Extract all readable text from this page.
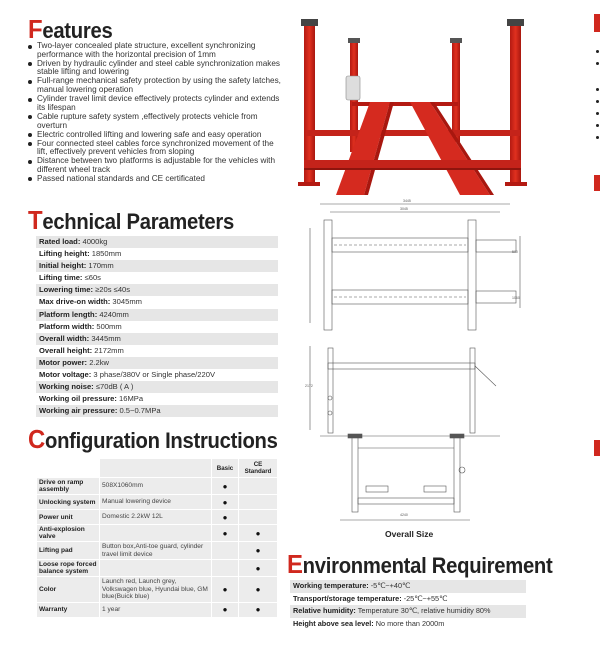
Features
Two-layer concealed plate structure, excellent synchronizing performance with the horizontal precision of 1mm
Driven by hydraulic cylinder and steel cable synchronization makes stable lifting and lowering
Full-range mechanical safety protection by using the safety latches, manual lowering operation
Cylinder travel limit device effectively protects cylinder and extends its lifespan
Cable rupture safety system ,effectively protects vehicle from overturn
Electric controlled lifting and lowering safe and easy operation
Four connected steel cables force synchronized movement of the lift, effectively prevent vehicles from sloping
Distance between two platforms is adjustable for the vehicles with different wheel track
Passed national standards and CE certificated
Technical Parameters
Rated load: 4000kg
Lifting height: 1850mm
Initial height: 170mm
Lifting time: ≤60s
Lowering time: ≥20s ≤40s
Max drive-on width: 3045mm
Platform length: 4240mm
Platform width: 500mm
Overall width: 3445mm
Overall height: 2172mm
Motor power: 2.2kw
Motor voltage: 3 phase/380V or Single phase/220V
Working noise: ≤70dB ( A )
Working oil pressure: 16MPa
Working air pressure: 0.5~0.7MPa
Configuration Instructions
		Basic	CE Standard
Drive on ramp assembly	508X1060mm	●	
Unlocking system	Manual lowering device	●	
Power unit	Domestic 2.2kW 12L	●	
Anti-explosion valve		●	●
Lifting pad	Button box,Anti-toe guard, cylinder travel limit device		●
Loose rope forced balance system			●
Color	Launch red, Launch grey, Volkswagen blue, Hyundai blue, GM blue(Buick blue)	●	●
Warranty	1 year	●	●
Overall Size
3445
3045
4240
2172
500
1060
Environmental Requirement
Working temperature: -5℃~+40℃
Transport/storage temperature: -25℃~+55℃
Relative humidity: Temperature 30℃, relative humidity 80%
Height above sea level: No more than 2000m
